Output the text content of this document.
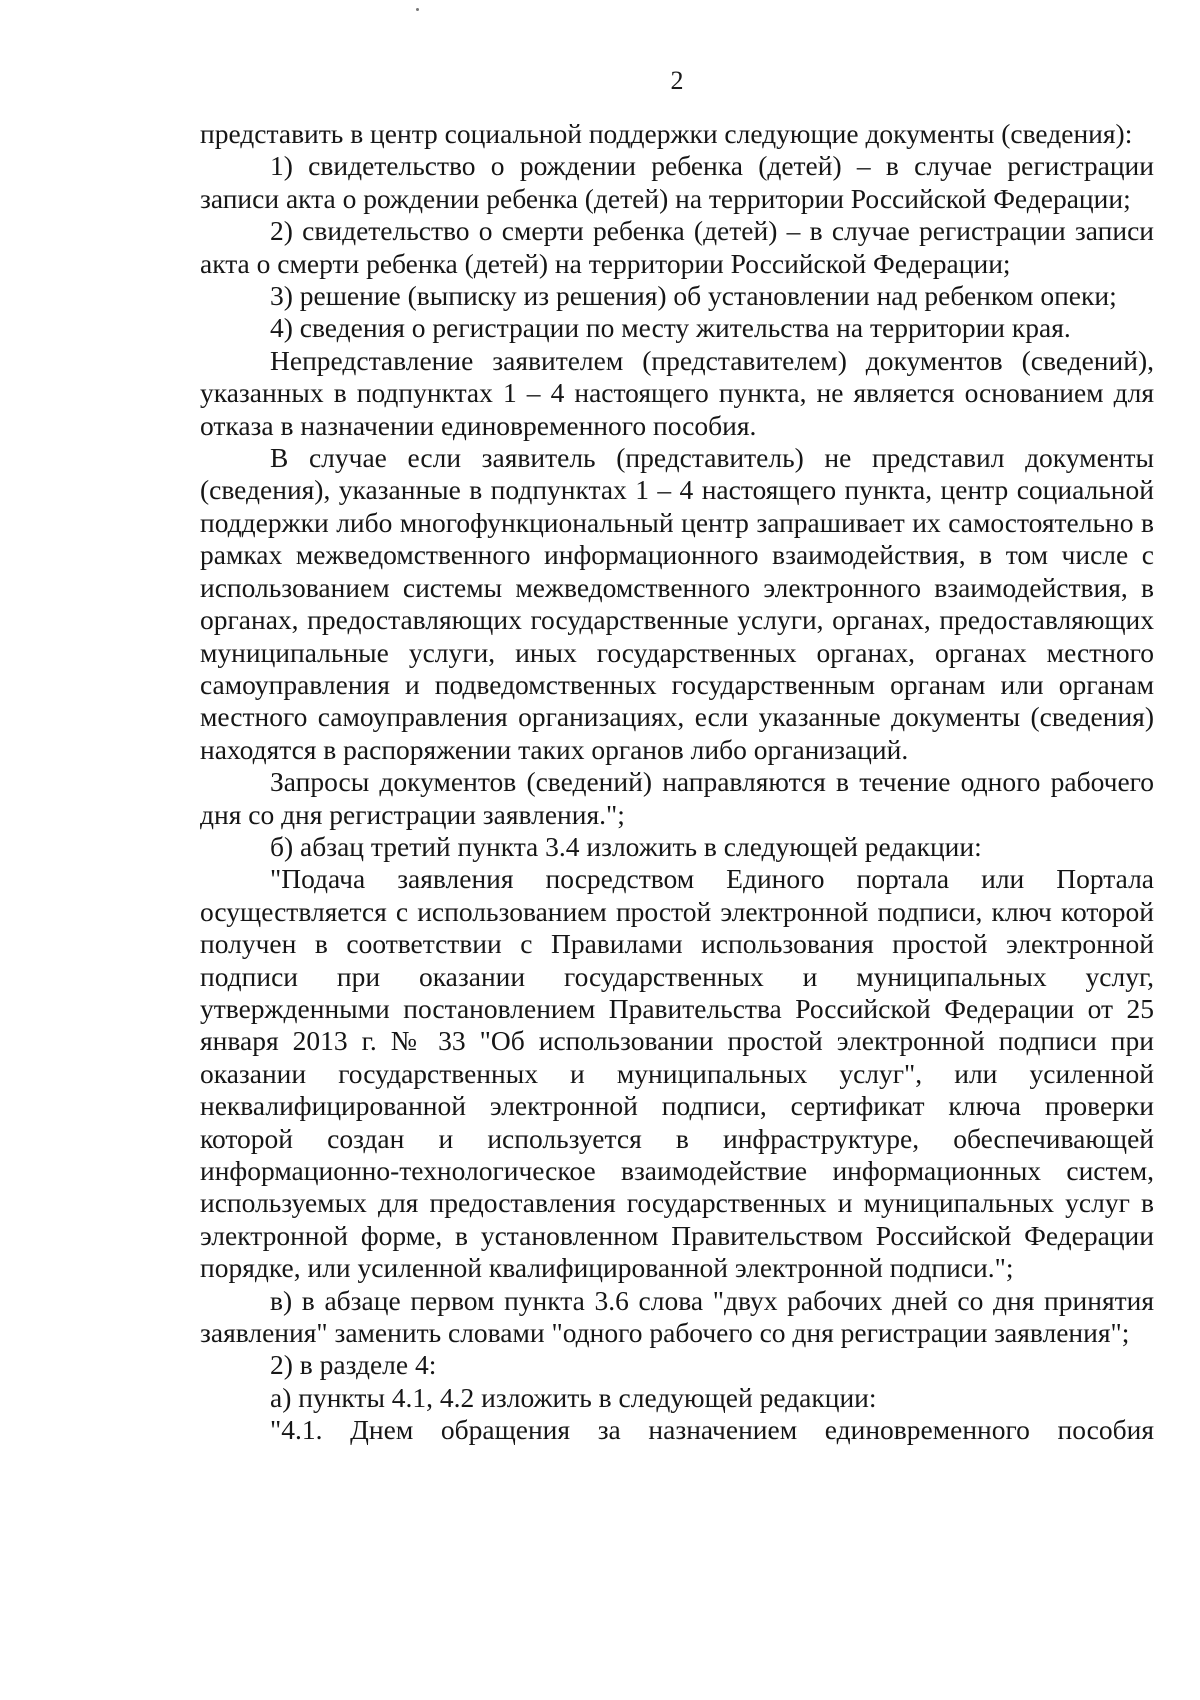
2

представить в центр социальной поддержки следующие документы (сведения):

1) свидетельство о рождении ребенка (детей) – в случае регистрации записи акта о рождении ребенка (детей) на территории Российской Федерации;

2) свидетельство о смерти ребенка (детей) – в случае регистрации записи акта о смерти ребенка (детей) на территории Российской Федерации;

3) решение (выписку из решения) об установлении над ребенком опеки;

4) сведения о регистрации по месту жительства на территории края.

Непредставление заявителем (представителем) документов (сведений), указанных в подпунктах 1 – 4 настоящего пункта, не является основанием для отказа в назначении единовременного пособия.

В случае если заявитель (представитель) не представил документы (сведения), указанные в подпунктах 1 – 4 настоящего пункта, центр социальной поддержки либо многофункциональный центр запрашивает их самостоятельно в рамках межведомственного информационного взаимодействия, в том числе с использованием системы межведомственного электронного взаимодействия, в органах, предоставляющих государственные услуги, органах, предоставляющих муниципальные услуги, иных государственных органах, органах местного самоуправления и подведомственных государственным органам или органам местного самоуправления организациях, если указанные документы (сведения) находятся в распоряжении таких органов либо организаций.

Запросы документов (сведений) направляются в течение одного рабочего дня со дня регистрации заявления.";

б) абзац третий пункта 3.4 изложить в следующей редакции:

"Подача заявления посредством Единого портала или Портала осуществляется с использованием простой электронной подписи, ключ которой получен в соответствии с Правилами использования простой электронной подписи при оказании государственных и муниципальных услуг, утвержденными постановлением Правительства Российской Федерации от 25 января 2013 г. № 33 "Об использовании простой электронной подписи при оказании государственных и муниципальных услуг", или усиленной неквалифицированной электронной подписи, сертификат ключа проверки которой создан и используется в инфраструктуре, обеспечивающей информационно-технологическое взаимодействие информационных систем, используемых для предоставления государственных и муниципальных услуг в электронной форме, в установленном Правительством Российской Федерации порядке, или усиленной квалифицированной электронной подписи.";

в) в абзаце первом пункта 3.6 слова "двух рабочих дней со дня принятия заявления" заменить словами "одного рабочего со дня регистрации заявления";

2) в разделе 4:

а) пункты 4.1, 4.2 изложить в следующей редакции:

"4.1. Днем обращения за назначением единовременного пособия
